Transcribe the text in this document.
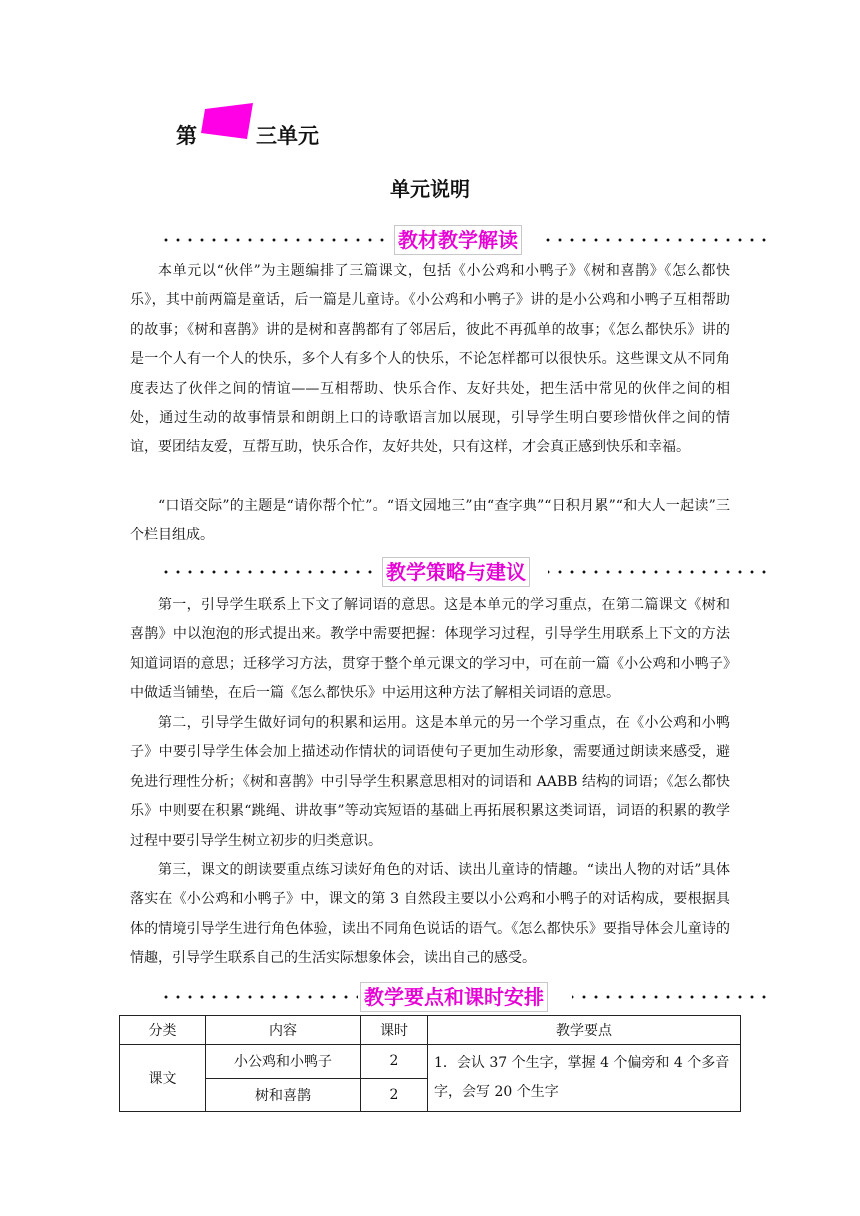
第	三单元
单元说明
教材教学解读

本单元以“伙伴”为主题编排了三篇课文，包括《小公鸡和小鸭子》《树和喜鹊》《怎么都快乐》，其中前两篇是童话，后一篇是儿童诗。《小公鸡和小鸭子》讲的是小公鸡和小鸭子互相帮助的故事；《树和喜鹊》讲的是树和喜鹊都有了邻居后，彼此不再孤单的故事；《怎么都快乐》讲的是一个人有一个人的快乐，多个人有多个人的快乐，不论怎样都可以很快乐。这些课文从不同角度表达了伙伴之间的情谊——互相帮助、快乐合作、友好共处，把生活中常见的伙伴之间的相处，通过生动的故事情景和朗朗上口的诗歌语言加以展现，引导学生明白要珍惜伙伴之间的情谊，要团结友爱，互帮互助，快乐合作，友好共处，只有这样，才会真正感到快乐和幸福。

“口语交际”的主题是“请你帮个忙”。“语文园地三”由“查字典”“日积月累”“和大人一起读”三个栏目组成。

教学策略与建议

第一，引导学生联系上下文了解词语的意思。这是本单元的学习重点，在第二篇课文《树和喜鹊》中以泡泡的形式提出来。教学中需要把握：体现学习过程，引导学生用联系上下文的方法知道词语的意思；迁移学习方法，贯穿于整个单元课文的学习中，可在前一篇《小公鸡和小鸭子》中做适当铺垫，在后一篇《怎么都快乐》中运用这种方法了解相关词语的意思。

第二，引导学生做好词句的积累和运用。这是本单元的另一个学习重点，在《小公鸡和小鸭子》中要引导学生体会加上描述动作情状的词语使句子更加生动形象，需要通过朗读来感受，避免进行理性分析；《树和喜鹊》中引导学生积累意思相对的词语和 AABB 结构的词语；《怎么都快乐》中则要在积累“跳绳、讲故事”等动宾短语的基础上再拓展积累这类词语，词语的积累的教学过程中要引导学生树立初步的归类意识。

第三，课文的朗读要重点练习读好角色的对话、读出儿童诗的情趣。“读出人物的对话”具体落实在《小公鸡和小鸭子》中，课文的第 3 自然段主要以小公鸡和小鸭子的对话构成，要根据具体的情境引导学生进行角色体验，读出不同角色说话的语气。《怎么都快乐》要指导体会儿童诗的情趣，引导学生联系自己的生活实际想象体会，读出自己的感受。

教学要点和课时安排
分类	内容	课时	教学要点
课文	小公鸡和小鸭子	2	1．会认 37 个生字，掌握 4 个偏旁和 4 个多音字，会写 20 个生字
	树和喜鹊	2	
